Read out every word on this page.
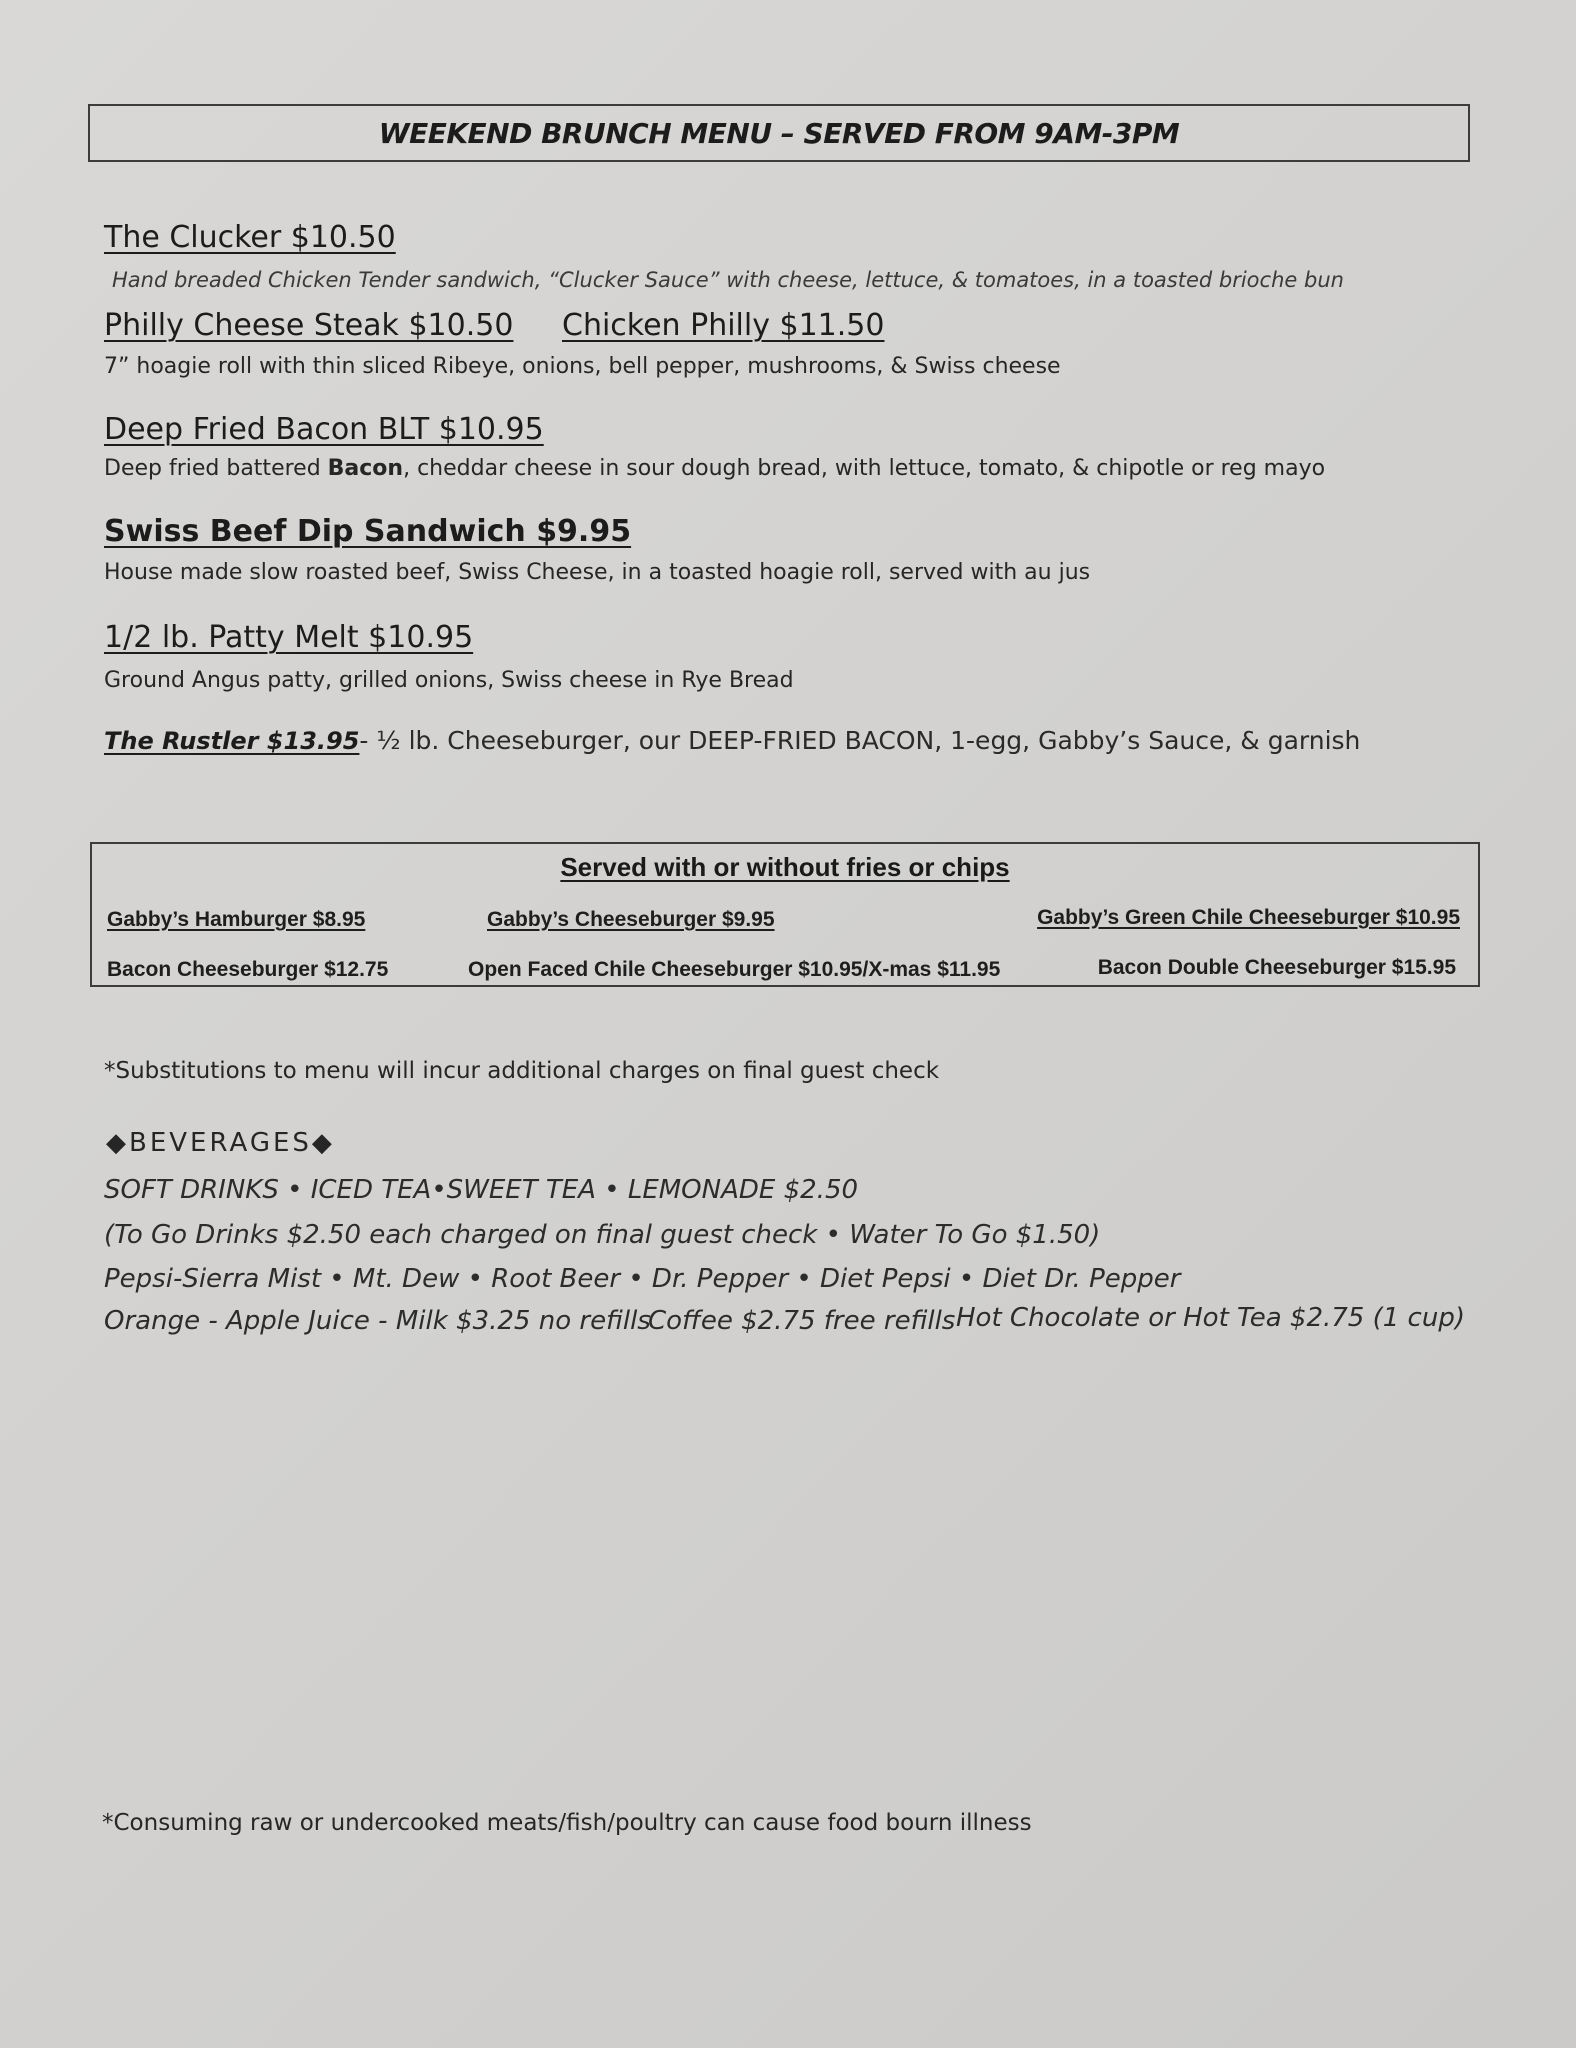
WEEKEND BRUNCH MENU – SERVED FROM 9AM-3PM
The Clucker $10.50
Hand breaded Chicken Tender sandwich, “Clucker Sauce” with cheese, lettuce, & tomatoes, in a toasted brioche bun
Philly Cheese Steak $10.50 Chicken Philly $11.50
7” hoagie roll with thin sliced Ribeye, onions, bell pepper, mushrooms, & Swiss cheese
Deep Fried Bacon BLT $10.95
Deep fried battered Bacon, cheddar cheese in sour dough bread, with lettuce, tomato, & chipotle or reg mayo
Swiss Beef Dip Sandwich $9.95
House made slow roasted beef, Swiss Cheese, in a toasted hoagie roll, served with au jus
1/2 lb. Patty Melt $10.95
Ground Angus patty, grilled onions, Swiss cheese in Rye Bread
The Rustler $13.95- ½ lb. Cheeseburger, our DEEP-FRIED BACON, 1-egg, Gabby’s Sauce, & garnish
Served with or without fries or chips
Gabby’s Hamburger $8.95	Gabby’s Cheeseburger $9.95	Gabby’s Green Chile Cheeseburger $10.95
Bacon Cheeseburger $12.75	Open Faced Chile Cheeseburger $10.95/X-mas $11.95	Bacon Double Cheeseburger $15.95
*Substitutions to menu will incur additional charges on final guest check
◆BEVERAGES◆
SOFT DRINKS • ICED TEA•SWEET TEA • LEMONADE $2.50
(To Go Drinks $2.50 each charged on final guest check • Water To Go $1.50)
Pepsi-Sierra Mist • Mt. Dew • Root Beer • Dr. Pepper • Diet Pepsi • Diet Dr. Pepper
Orange - Apple Juice - Milk $3.25 no refills
Coffee $2.75 free refills Hot Chocolate or Hot Tea $2.75 (1 cup)
*Consuming raw or undercooked meats/fish/poultry can cause food bourn illness
